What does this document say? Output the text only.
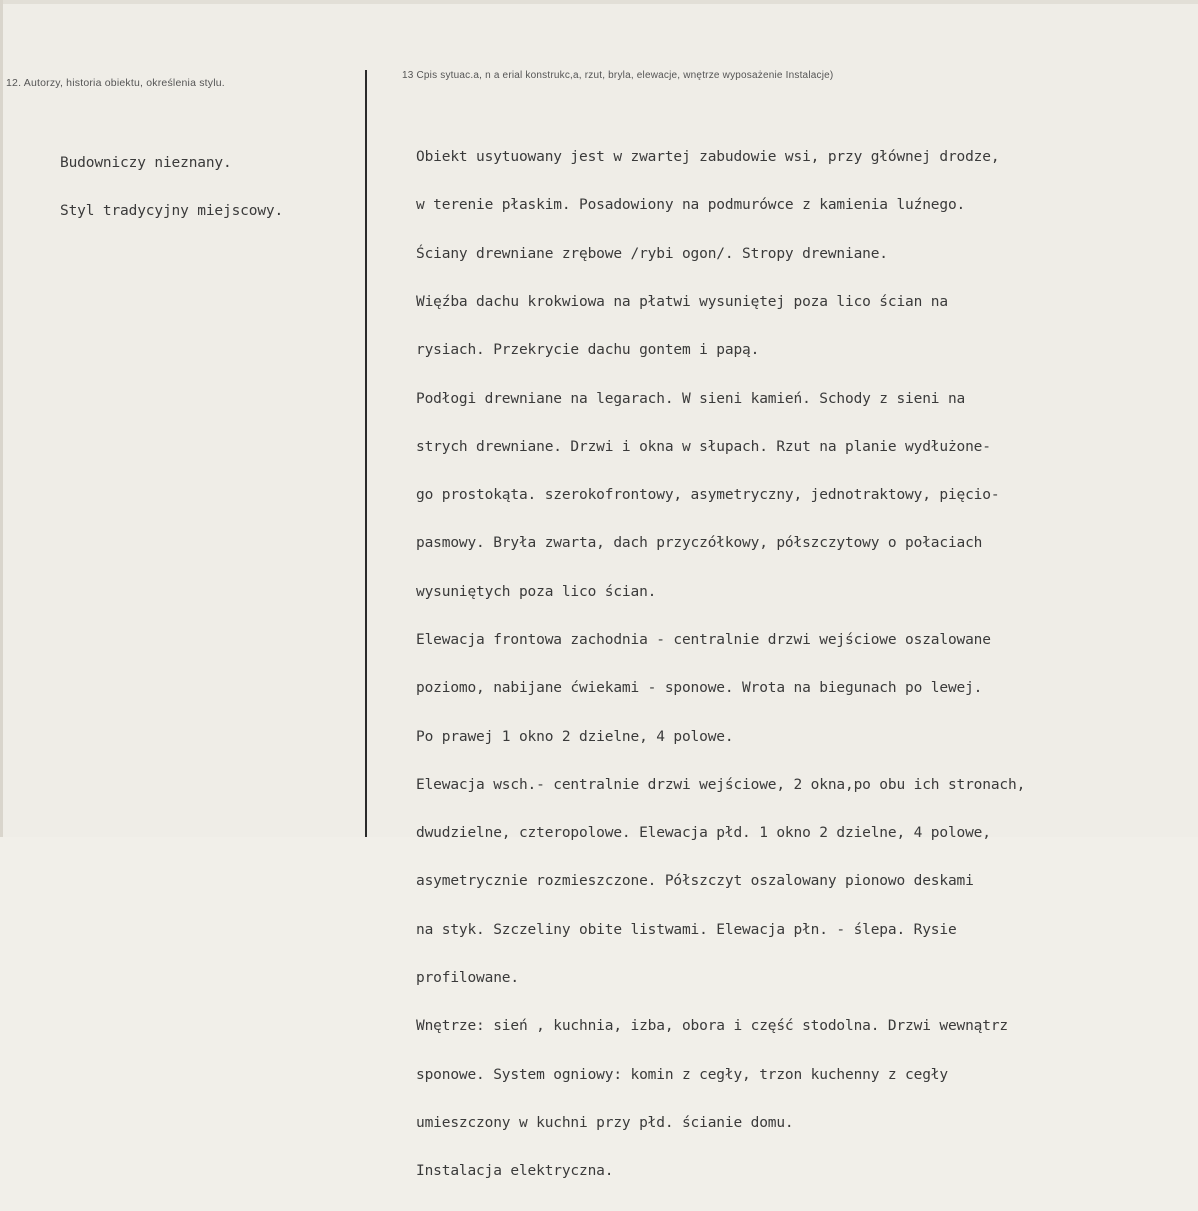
12. Autorzy, historia obiektu, określenia stylu.
13 Cpis sytuac.a, n a erial konstrukc,a, rzut, bryla, elewacje, wnętrze wyposażenie Instalacje)

Budowniczy nieznany.

Styl tradycyjny miejscowy.

Obiekt usytuowany jest w zwartej zabudowie wsi, przy głównej drodze,

w terenie płaskim. Posadowiony na podmurówce z kamienia luźnego.

Ściany drewniane zrębowe /rybi ogon/. Stropy drewniane.

Więźba dachu krokwiowa na płatwi wysuniętej poza lico ścian na

rysiach. Przekrycie dachu gontem i papą.

Podłogi drewniane na legarach. W sieni kamień. Schody z sieni na

strych drewniane. Drzwi i okna w słupach. Rzut na planie wydłużone-

go prostokąta. szerokofrontowy, asymetryczny, jednotraktowy, pięcio-

pasmowy. Bryła zwarta, dach przyczółkowy, półszczytowy o połaciach

wysuniętych poza lico ścian.

Elewacja frontowa zachodnia - centralnie drzwi wejściowe oszalowane

poziomo, nabijane ćwiekami - sponowe. Wrota na biegunach po lewej.

Po prawej 1 okno 2 dzielne, 4 polowe.

Elewacja wsch.- centralnie drzwi wejściowe, 2 okna,po obu ich stronach,

dwudzielne, czteropolowe. Elewacja płd. 1 okno 2 dzielne, 4 polowe,

asymetrycznie rozmieszczone. Półszczyt oszalowany pionowo deskami

na styk. Szczeliny obite listwami. Elewacja płn. - ślepa. Rysie

profilowane.

Wnętrze: sień , kuchnia, izba, obora i część stodolna. Drzwi wewnątrz

sponowe. System ogniowy: komin z cegły, trzon kuchenny z cegły

umieszczony w kuchni przy płd. ścianie domu.

Instalacja elektryczna.
